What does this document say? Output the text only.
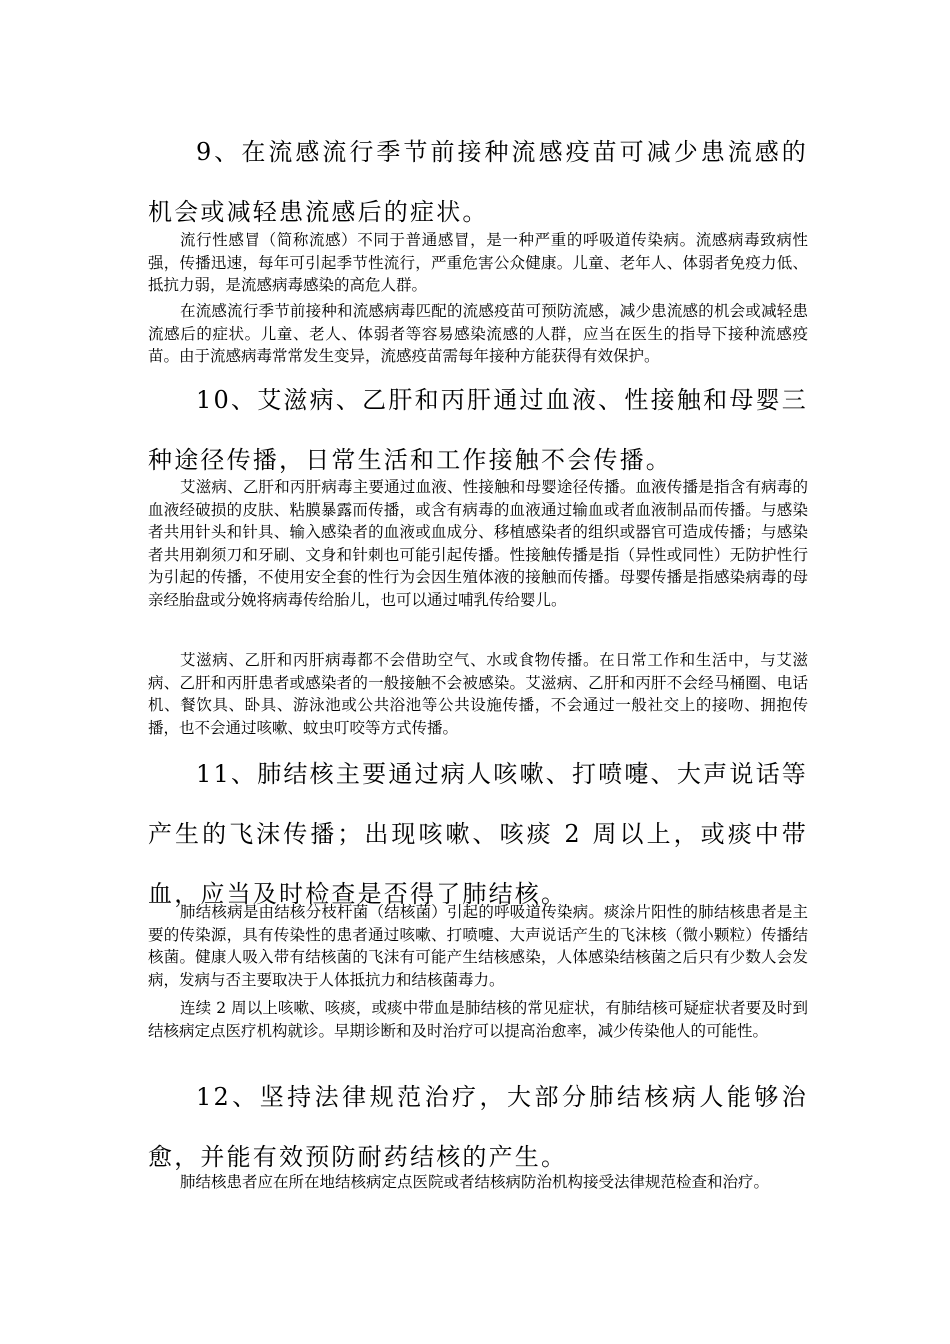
9、在流感流行季节前接种流感疫苗可减少患流感的机会或减轻患流感后的症状。

流行性感冒（简称流感）不同于普通感冒，是一种严重的呼吸道传染病。流感病毒致病性强，传播迅速，每年可引起季节性流行，严重危害公众健康。儿童、老年人、体弱者免疫力低、抵抗力弱，是流感病毒感染的高危人群。

在流感流行季节前接种和流感病毒匹配的流感疫苗可预防流感，减少患流感的机会或减轻患流感后的症状。儿童、老人、体弱者等容易感染流感的人群，应当在医生的指导下接种流感疫苗。由于流感病毒常常发生变异，流感疫苗需每年接种方能获得有效保护。

10、艾滋病、乙肝和丙肝通过血液、性接触和母婴三种途径传播，日常生活和工作接触不会传播。

艾滋病、乙肝和丙肝病毒主要通过血液、性接触和母婴途径传播。血液传播是指含有病毒的血液经破损的皮肤、粘膜暴露而传播，或含有病毒的血液通过输血或者血液制品而传播。与感染者共用针头和针具、输入感染者的血液或血成分、移植感染者的组织或器官可造成传播；与感染者共用剃须刀和牙刷、文身和针刺也可能引起传播。性接触传播是指（异性或同性）无防护性行为引起的传播，不使用安全套的性行为会因生殖体液的接触而传播。母婴传播是指感染病毒的母亲经胎盘或分娩将病毒传给胎儿，也可以通过哺乳传给婴儿。

艾滋病、乙肝和丙肝病毒都不会借助空气、水或食物传播。在日常工作和生活中，与艾滋病、乙肝和丙肝患者或感染者的一般接触不会被感染。艾滋病、乙肝和丙肝不会经马桶圈、电话机、餐饮具、卧具、游泳池或公共浴池等公共设施传播，不会通过一般社交上的接吻、拥抱传播，也不会通过咳嗽、蚊虫叮咬等方式传播。

11、肺结核主要通过病人咳嗽、打喷嚏、大声说话等产生的飞沫传播；出现咳嗽、咳痰 2 周以上，或痰中带血，应当及时检查是否得了肺结核。

肺结核病是由结核分枝杆菌（结核菌）引起的呼吸道传染病。痰涂片阳性的肺结核患者是主要的传染源，具有传染性的患者通过咳嗽、打喷嚏、大声说话产生的飞沫核（微小颗粒）传播结核菌。健康人吸入带有结核菌的飞沫有可能产生结核感染，人体感染结核菌之后只有少数人会发病，发病与否主要取决于人体抵抗力和结核菌毒力。

连续 2 周以上咳嗽、咳痰，或痰中带血是肺结核的常见症状，有肺结核可疑症状者要及时到结核病定点医疗机构就诊。早期诊断和及时治疗可以提高治愈率，减少传染他人的可能性。

12、坚持法律规范治疗，大部分肺结核病人能够治愈，并能有效预防耐药结核的产生。

肺结核患者应在所在地结核病定点医院或者结核病防治机构接受法律规范检查和治疗。
